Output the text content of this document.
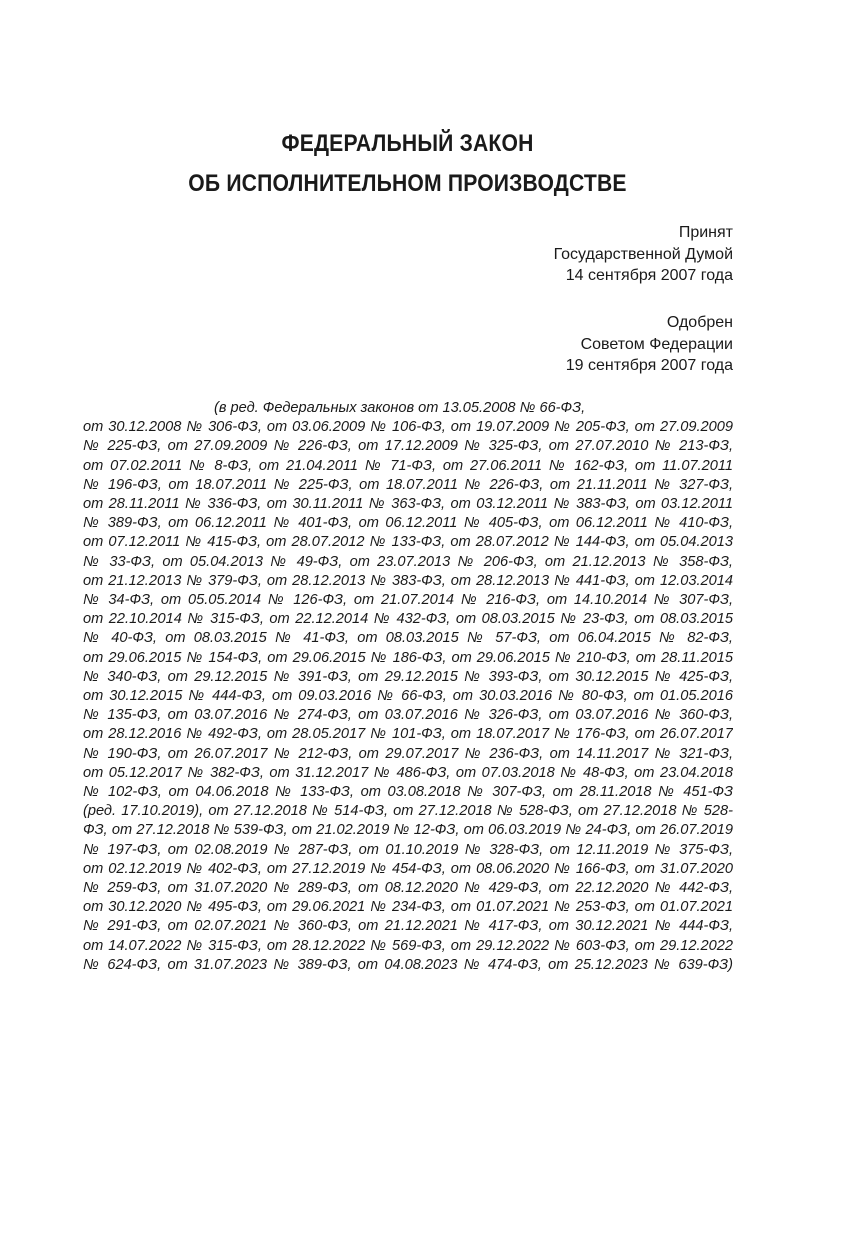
ФЕДЕРАЛЬНЫЙ ЗАКОН
ОБ ИСПОЛНИТЕЛЬНОМ ПРОИЗВОДСТВЕ
Принят
Государственной Думой
14 сентября 2007 года
Одобрен
Советом Федерации
19 сентября 2007 года
(в ред. Федеральных законов от 13.05.2008 № 66-ФЗ,
от 30.12.2008 № 306-ФЗ, от 03.06.2009 № 106-ФЗ, от 19.07.2009 № 205-ФЗ, от 27.09.2009
№ 225-ФЗ, от 27.09.2009 № 226-ФЗ, от 17.12.2009 № 325-ФЗ, от 27.07.2010 № 213-ФЗ,
от 07.02.2011 № 8-ФЗ, от 21.04.2011 № 71-ФЗ, от 27.06.2011 № 162-ФЗ, от 11.07.2011
№ 196-ФЗ, от 18.07.2011 № 225-ФЗ, от 18.07.2011 № 226-ФЗ, от 21.11.2011 № 327-ФЗ,
от 28.11.2011 № 336-ФЗ, от 30.11.2011 № 363-ФЗ, от 03.12.2011 № 383-ФЗ, от 03.12.2011
№ 389-ФЗ, от 06.12.2011 № 401-ФЗ, от 06.12.2011 № 405-ФЗ, от 06.12.2011 № 410-ФЗ,
от 07.12.2011 № 415-ФЗ, от 28.07.2012 № 133-ФЗ, от 28.07.2012 № 144-ФЗ, от 05.04.2013
№ 33-ФЗ, от 05.04.2013 № 49-ФЗ, от 23.07.2013 № 206-ФЗ, от 21.12.2013 № 358-ФЗ,
от 21.12.2013 № 379-ФЗ, от 28.12.2013 № 383-ФЗ, от 28.12.2013 № 441-ФЗ, от 12.03.2014
№ 34-ФЗ, от 05.05.2014 № 126-ФЗ, от 21.07.2014 № 216-ФЗ, от 14.10.2014 № 307-ФЗ,
от 22.10.2014 № 315-ФЗ, от 22.12.2014 № 432-ФЗ, от 08.03.2015 № 23-ФЗ, от 08.03.2015
№ 40-ФЗ, от 08.03.2015 № 41-ФЗ, от 08.03.2015 № 57-ФЗ, от 06.04.2015 № 82-ФЗ,
от 29.06.2015 № 154-ФЗ, от 29.06.2015 № 186-ФЗ, от 29.06.2015 № 210-ФЗ, от 28.11.2015
№ 340-ФЗ, от 29.12.2015 № 391-ФЗ, от 29.12.2015 № 393-ФЗ, от 30.12.2015 № 425-ФЗ,
от 30.12.2015 № 444-ФЗ, от 09.03.2016 № 66-ФЗ, от 30.03.2016 № 80-ФЗ, от 01.05.2016
№ 135-ФЗ, от 03.07.2016 № 274-ФЗ, от 03.07.2016 № 326-ФЗ, от 03.07.2016 № 360-ФЗ,
от 28.12.2016 № 492-ФЗ, от 28.05.2017 № 101-ФЗ, от 18.07.2017 № 176-ФЗ, от 26.07.2017
№ 190-ФЗ, от 26.07.2017 № 212-ФЗ, от 29.07.2017 № 236-ФЗ, от 14.11.2017 № 321-ФЗ,
от 05.12.2017 № 382-ФЗ, от 31.12.2017 № 486-ФЗ, от 07.03.2018 № 48-ФЗ, от 23.04.2018
№ 102-ФЗ, от 04.06.2018 № 133-ФЗ, от 03.08.2018 № 307-ФЗ, от 28.11.2018 № 451-ФЗ
(ред. 17.10.2019), от 27.12.2018 № 514-ФЗ, от 27.12.2018 № 528-ФЗ, от 27.12.2018 № 528-
ФЗ, от 27.12.2018 № 539-ФЗ, от 21.02.2019 № 12-ФЗ, от 06.03.2019 № 24-ФЗ, от 26.07.2019
№ 197-ФЗ, от 02.08.2019 № 287-ФЗ, от 01.10.2019 № 328-ФЗ, от 12.11.2019 № 375-ФЗ,
от 02.12.2019 № 402-ФЗ, от 27.12.2019 № 454-ФЗ, от 08.06.2020 № 166-ФЗ, от 31.07.2020
№ 259-ФЗ, от 31.07.2020 № 289-ФЗ, от 08.12.2020 № 429-ФЗ, от 22.12.2020 № 442-ФЗ,
от 30.12.2020 № 495-ФЗ, от 29.06.2021 № 234-ФЗ, от 01.07.2021 № 253-ФЗ, от 01.07.2021
№ 291-ФЗ, от 02.07.2021 № 360-ФЗ, от 21.12.2021 № 417-ФЗ, от 30.12.2021 № 444-ФЗ,
от 14.07.2022 № 315-ФЗ, от 28.12.2022 № 569-ФЗ, от 29.12.2022 № 603-ФЗ, от 29.12.2022
№ 624-ФЗ, от 31.07.2023 № 389-ФЗ, от 04.08.2023 № 474-ФЗ, от 25.12.2023 № 639-ФЗ)
